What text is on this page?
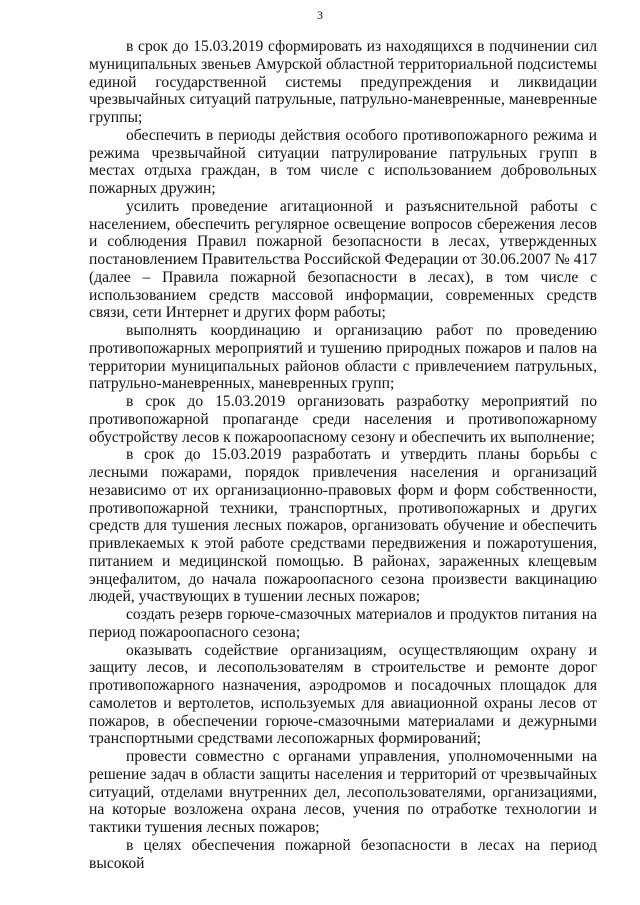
3

в срок до 15.03.2019 сформировать из находящихся в подчинении сил муниципальных звеньев Амурской областной территориальной подсистемы единой государственной системы предупреждения и ликвидации чрезвычайных ситуаций патрульные, патрульно-маневренные, маневренные группы;

обеспечить в периоды действия особого противопожарного режима и режима чрезвычайной ситуации патрулирование патрульных групп в местах отдыха граждан, в том числе с использованием добровольных пожарных дружин;

усилить проведение агитационной и разъяснительной работы с населением, обеспечить регулярное освещение вопросов сбережения лесов и соблюдения Правил пожарной безопасности в лесах, утвержденных постановлением Правительства Российской Федерации от 30.06.2007 № 417 (далее – Правила пожарной безопасности в лесах), в том числе с использованием средств массовой информации, современных средств связи, сети Интернет и других форм работы;

выполнять координацию и организацию работ по проведению противопожарных мероприятий и тушению природных пожаров и палов на территории муниципальных районов области с привлечением патрульных, патрульно-маневренных, маневренных групп;

в срок до 15.03.2019 организовать разработку мероприятий по противопожарной пропаганде среди населения и противопожарному обустройству лесов к пожароопасному сезону и обеспечить их выполнение;

в срок до 15.03.2019 разработать и утвердить планы борьбы с лесными пожарами, порядок привлечения населения и организаций независимо от их организационно-правовых форм и форм собственности, противопожарной техники, транспортных, противопожарных и других средств для тушения лесных пожаров, организовать обучение и обеспечить привлекаемых к этой работе средствами передвижения и пожаротушения, питанием и медицинской помощью. В районах, зараженных клещевым энцефалитом, до начала пожароопасного сезона произвести вакцинацию людей, участвующих в тушении лесных пожаров;

создать резерв горюче-смазочных материалов и продуктов питания на период пожароопасного сезона;

оказывать содействие организациям, осуществляющим охрану и защиту лесов, и лесопользователям в строительстве и ремонте дорог противопожарного назначения, аэродромов и посадочных площадок для самолетов и вертолетов, используемых для авиационной охраны лесов от пожаров, в обеспечении горюче-смазочными материалами и дежурными транспортными средствами лесопожарных формирований;

провести совместно с органами управления, уполномоченными на решение задач в области защиты населения и территорий от чрезвычайных ситуаций, отделами внутренних дел, лесопользователями, организациями, на которые возложена охрана лесов, учения по отработке технологии и тактики тушения лесных пожаров;

в целях обеспечения пожарной безопасности в лесах на период высокой
